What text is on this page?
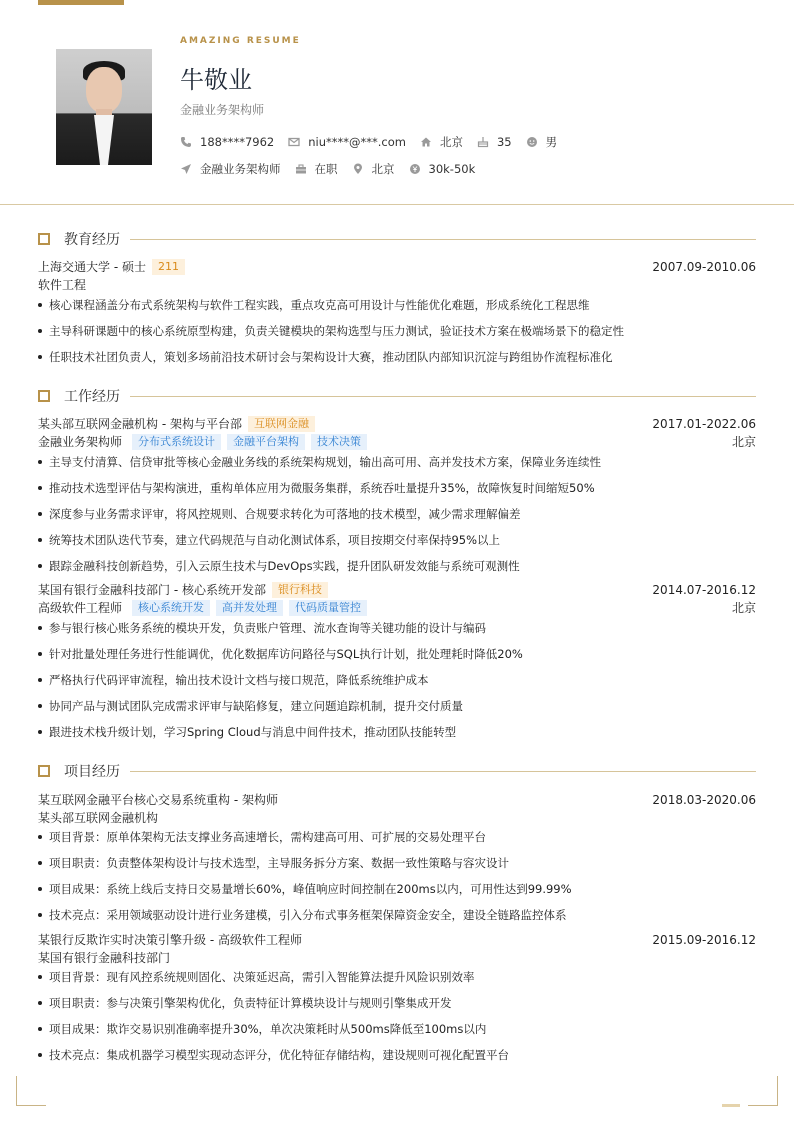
AMAZING RESUME
牛敬业
金融业务架构师
188****7962	niu****@***.com	北京	35	男
金融业务架构师	在职	北京	30k-50k
教育经历
上海交通大学 - 硕士	211	2007.09-2010.06
软件工程
核心课程涵盖分布式系统架构与软件工程实践，重点攻克高可用设计与性能优化难题，形成系统化工程思维
主导科研课题中的核心系统原型构建，负责关键模块的架构选型与压力测试，验证技术方案在极端场景下的稳定性
任职技术社团负责人，策划多场前沿技术研讨会与架构设计大赛，推动团队内部知识沉淀与跨组协作流程标准化
工作经历
某头部互联网金融机构 - 架构与平台部	互联网金融	2017.01-2022.06
金融业务架构师	分布式系统设计	金融平台架构	技术决策	北京
主导支付清算、信贷审批等核心金融业务线的系统架构规划，输出高可用、高并发技术方案，保障业务连续性
推动技术选型评估与架构演进，重构单体应用为微服务集群，系统吞吐量提升35%，故障恢复时间缩短50%
深度参与业务需求评审，将风控规则、合规要求转化为可落地的技术模型，减少需求理解偏差
统筹技术团队迭代节奏，建立代码规范与自动化测试体系，项目按期交付率保持95%以上
跟踪金融科技创新趋势，引入云原生技术与DevOps实践，提升团队研发效能与系统可观测性
某国有银行金融科技部门 - 核心系统开发部	银行科技	2014.07-2016.12
高级软件工程师	核心系统开发	高并发处理	代码质量管控	北京
参与银行核心账务系统的模块开发，负责账户管理、流水查询等关键功能的设计与编码
针对批量处理任务进行性能调优，优化数据库访问路径与SQL执行计划，批处理耗时降低20%
严格执行代码评审流程，输出技术设计文档与接口规范，降低系统维护成本
协同产品与测试团队完成需求评审与缺陷修复，建立问题追踪机制，提升交付质量
跟进技术栈升级计划，学习Spring Cloud与消息中间件技术，推动团队技能转型
项目经历
某互联网金融平台核心交易系统重构 - 架构师	2018.03-2020.06
某头部互联网金融机构
项目背景：原单体架构无法支撑业务高速增长，需构建高可用、可扩展的交易处理平台
项目职责：负责整体架构设计与技术选型，主导服务拆分方案、数据一致性策略与容灾设计
项目成果：系统上线后支持日交易量增长60%，峰值响应时间控制在200ms以内，可用性达到99.99%
技术亮点：采用领域驱动设计进行业务建模，引入分布式事务框架保障资金安全，建设全链路监控体系
某银行反欺诈实时决策引擎升级 - 高级软件工程师	2015.09-2016.12
某国有银行金融科技部门
项目背景：现有风控系统规则固化、决策延迟高，需引入智能算法提升风险识别效率
项目职责：参与决策引擎架构优化，负责特征计算模块设计与规则引擎集成开发
项目成果：欺诈交易识别准确率提升30%，单次决策耗时从500ms降低至100ms以内
技术亮点：集成机器学习模型实现动态评分，优化特征存储结构，建设规则可视化配置平台
